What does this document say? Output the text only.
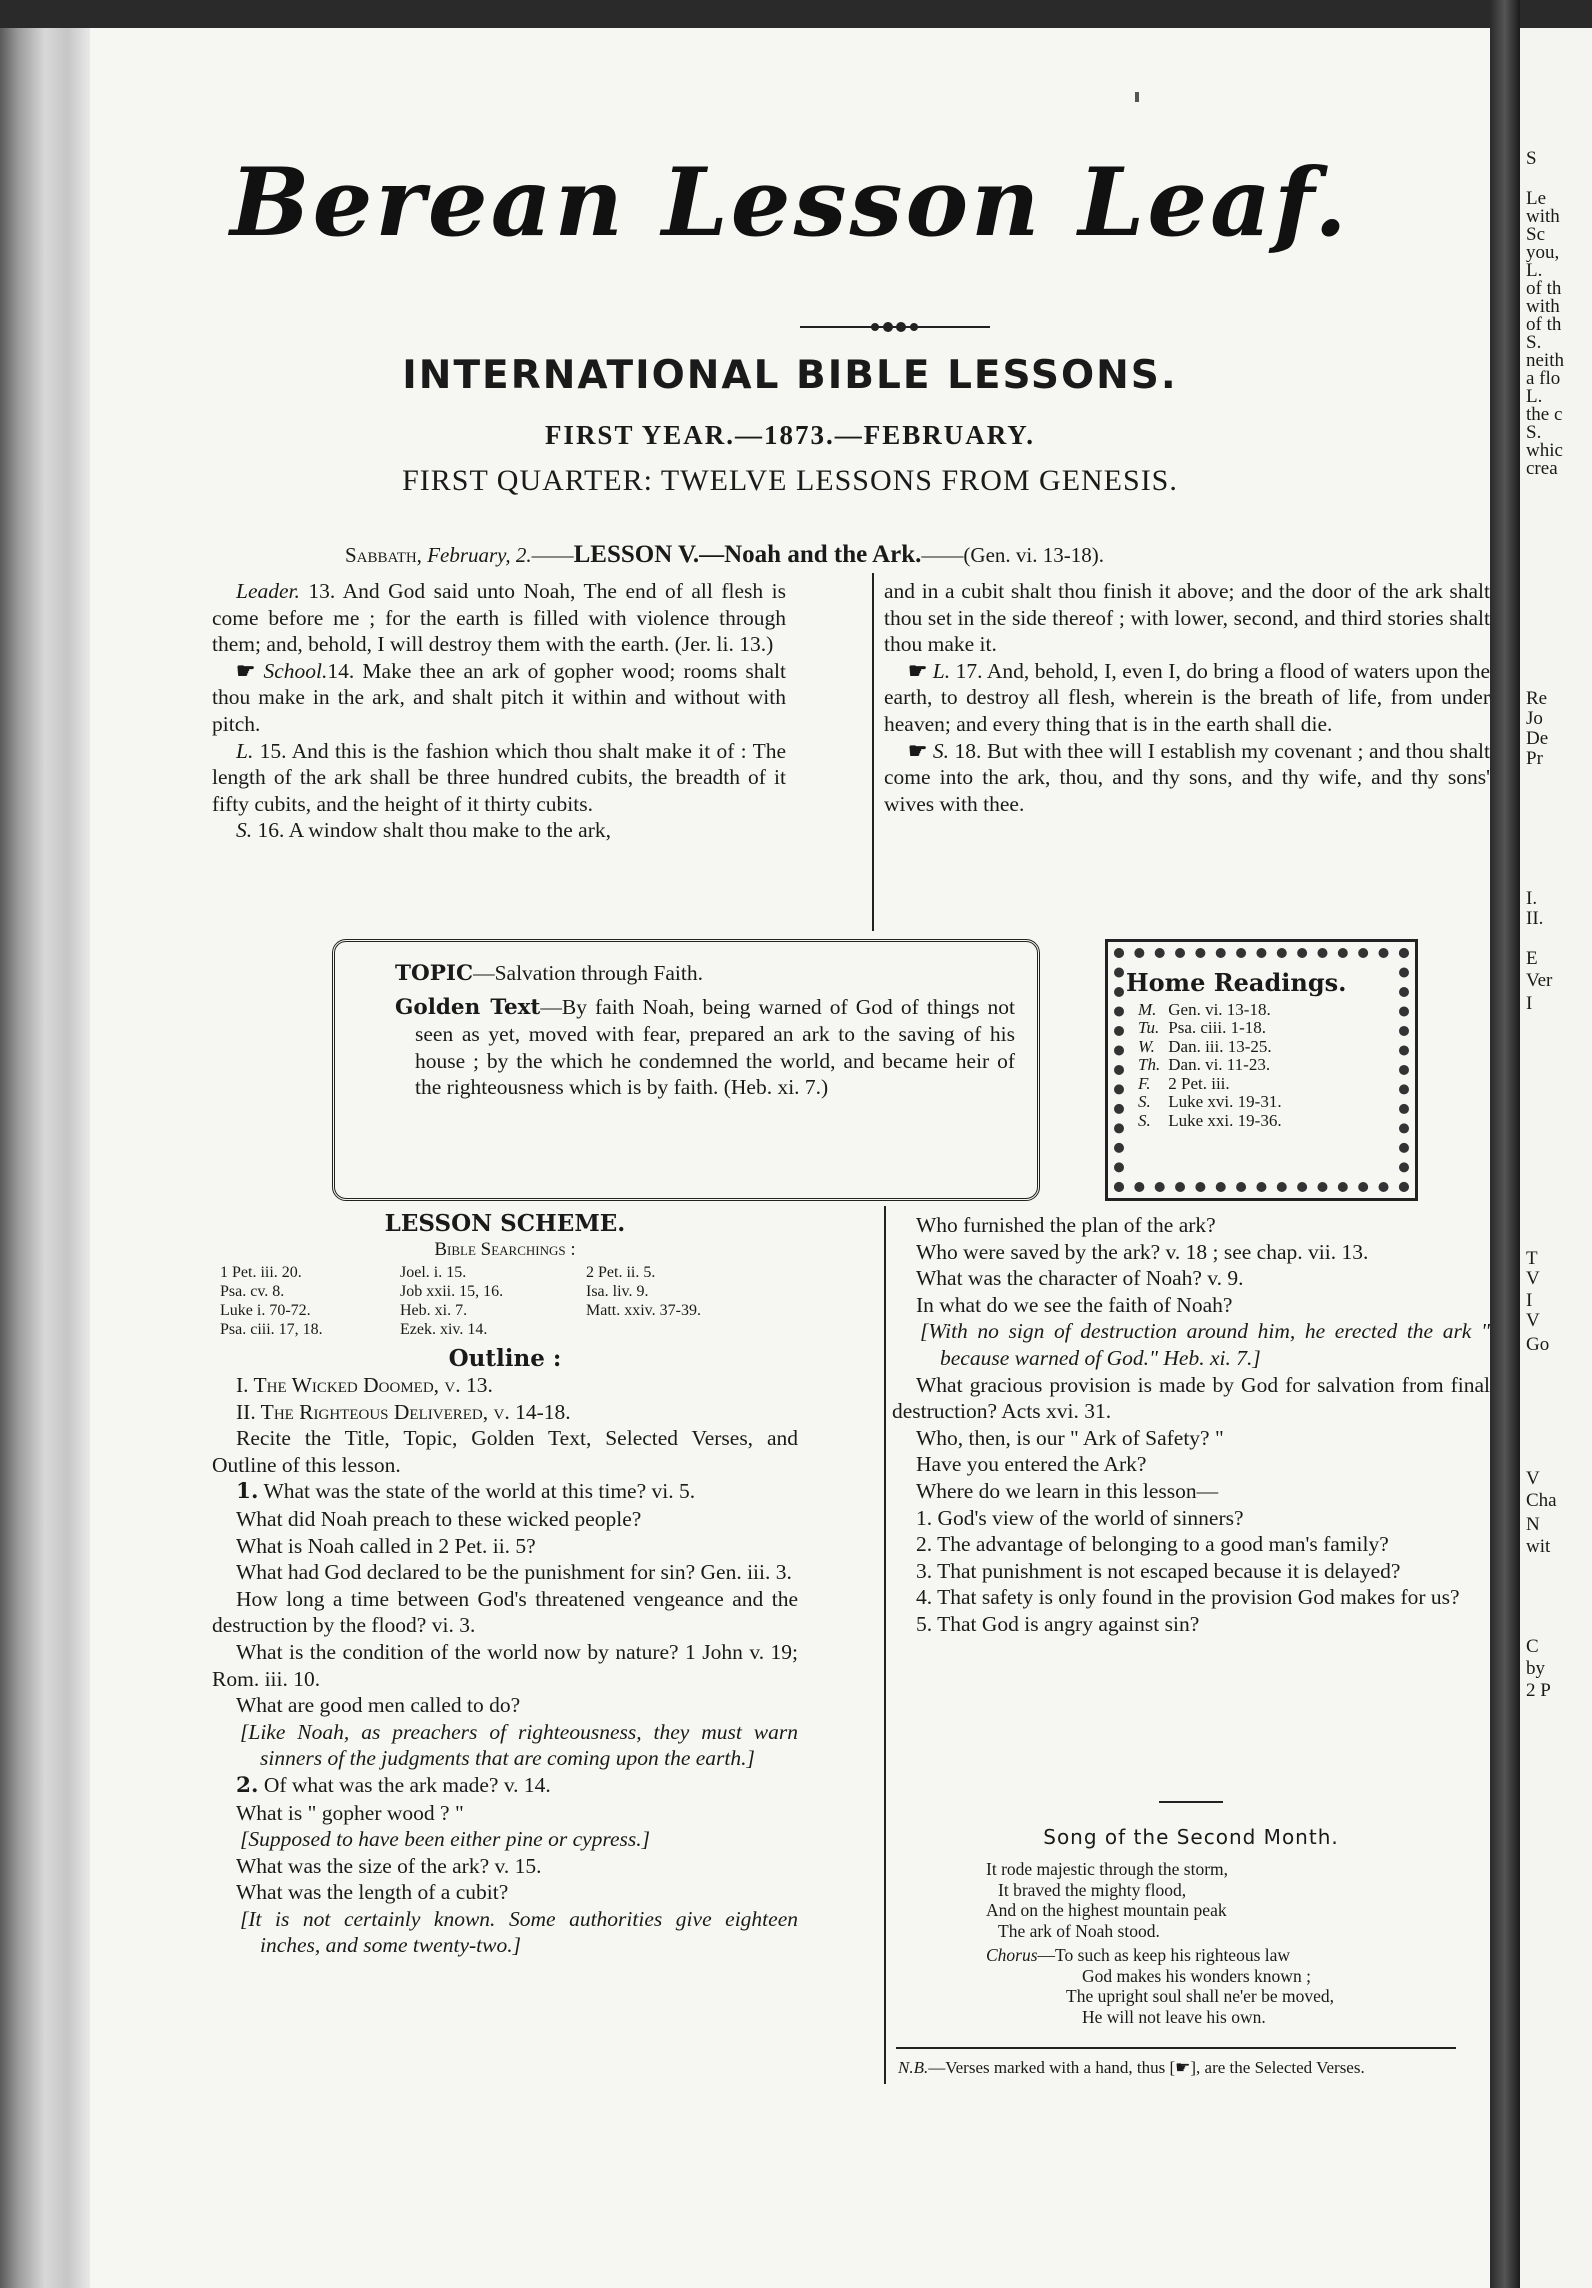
Berean Lesson Leaf.
INTERNATIONAL BIBLE LESSONS.
FIRST YEAR.—1873.—FEBRUARY.
FIRST QUARTER: TWELVE LESSONS FROM GENESIS.
Sabbath, February, 2.——LESSON V.—Noah and the Ark.——(Gen. vi. 13-18).

Leader. 13. And God said unto Noah, The end of all flesh is come before me ; for the earth is filled with violence through them; and, behold, I will destroy them with the earth. (Jer. li. 13.)

☛ School.14. Make thee an ark of gopher wood; rooms shalt thou make in the ark, and shalt pitch it within and without with pitch.

L. 15. And this is the fashion which thou shalt make it of : The length of the ark shall be three hundred cubits, the breadth of it fifty cubits, and the height of it thirty cubits.

S. 16. A window shalt thou make to the ark,

and in a cubit shalt thou finish it above; and the door of the ark shalt thou set in the side thereof ; with lower, second, and third stories shalt thou make it.

☛ L. 17. And, behold, I, even I, do bring a flood of waters upon the earth, to destroy all flesh, wherein is the breath of life, from under heaven; and every thing that is in the earth shall die.

☛ S. 18. But with thee will I establish my covenant ; and thou shalt come into the ark, thou, and thy sons, and thy wife, and thy sons' wives with thee.

TOPIC—Salvation through Faith.
Golden Text—By faith Noah, being warned of God of things not seen as yet, moved with fear, prepared an ark to the saving of his house ; by the which he condemned the world, and became heir of the righteousness which is by faith. (Heb. xi. 7.)
Home Readings.
M. Gen. vi. 13-18.
Tu. Psa. ciii. 1-18.
W. Dan. iii. 13-25.
Th. Dan. vi. 11-23.
F. 2 Pet. iii.
S. Luke xvi. 19-31.
S. Luke xxi. 19-36.
LESSON SCHEME.
Bible Searchings :
1 Pet. iii. 20.	Joel. i. 15.	2 Pet. ii. 5.
Psa. cv. 8.	Job xxii. 15, 16.	Isa. liv. 9.
Luke i. 70-72.	Heb. xi. 7.	Matt. xxiv. 37-39.
Psa. ciii. 17, 18.	Ezek. xiv. 14.
Outline :

I. The Wicked Doomed, v. 13.

II. The Righteous Delivered, v. 14-18.

Recite the Title, Topic, Golden Text, Selected Verses, and Outline of this lesson.

1. What was the state of the world at this time? vi. 5.

What did Noah preach to these wicked people?

What is Noah called in 2 Pet. ii. 5?

What had God declared to be the punishment for sin? Gen. iii. 3.

How long a time between God's threatened vengeance and the destruction by the flood? vi. 3.

What is the condition of the world now by nature? 1 John v. 19; Rom. iii. 10.

What are good men called to do?

[Like Noah, as preachers of righteousness, they must warn sinners of the judgments that are coming upon the earth.]

2. Of what was the ark made? v. 14.

What is " gopher wood ? "

[Supposed to have been either pine or cypress.]

What was the size of the ark? v. 15.

What was the length of a cubit?

[It is not certainly known. Some authorities give eighteen inches, and some twenty-two.]

Who furnished the plan of the ark?

Who were saved by the ark? v. 18 ; see chap. vii. 13.

What was the character of Noah? v. 9.

In what do we see the faith of Noah?

[With no sign of destruction around him, he erected the ark " because warned of God." Heb. xi. 7.]

What gracious provision is made by God for salvation from final destruction? Acts xvi. 31.

Who, then, is our " Ark of Safety? "

Have you entered the Ark?

Where do we learn in this lesson—

1. God's view of the world of sinners?

2. The advantage of belonging to a good man's family?

3. That punishment is not escaped because it is delayed?

4. That safety is only found in the provision God makes for us?

5. That God is angry against sin?

Song of the Second Month.
It rode majestic through the storm,
It braved the mighty flood,
And on the highest mountain peak
The ark of Noah stood.
Chorus—To such as keep his righteous law
God makes his wonders known ;
The upright soul shall ne'er be moved,
He will not leave his own.
N.B.—Verses marked with a hand, thus [☛], are the Selected Verses.
S
Le
with
Sc
you,
L.
of th
with
of th
S.
neith
a flo
L.
the c
S.
whic
crea
Re
Jo
De
Pr
I.
II.
E
Ver
I
T
V
I
V
Go
V
Cha
N
wit
C
by
2 P
